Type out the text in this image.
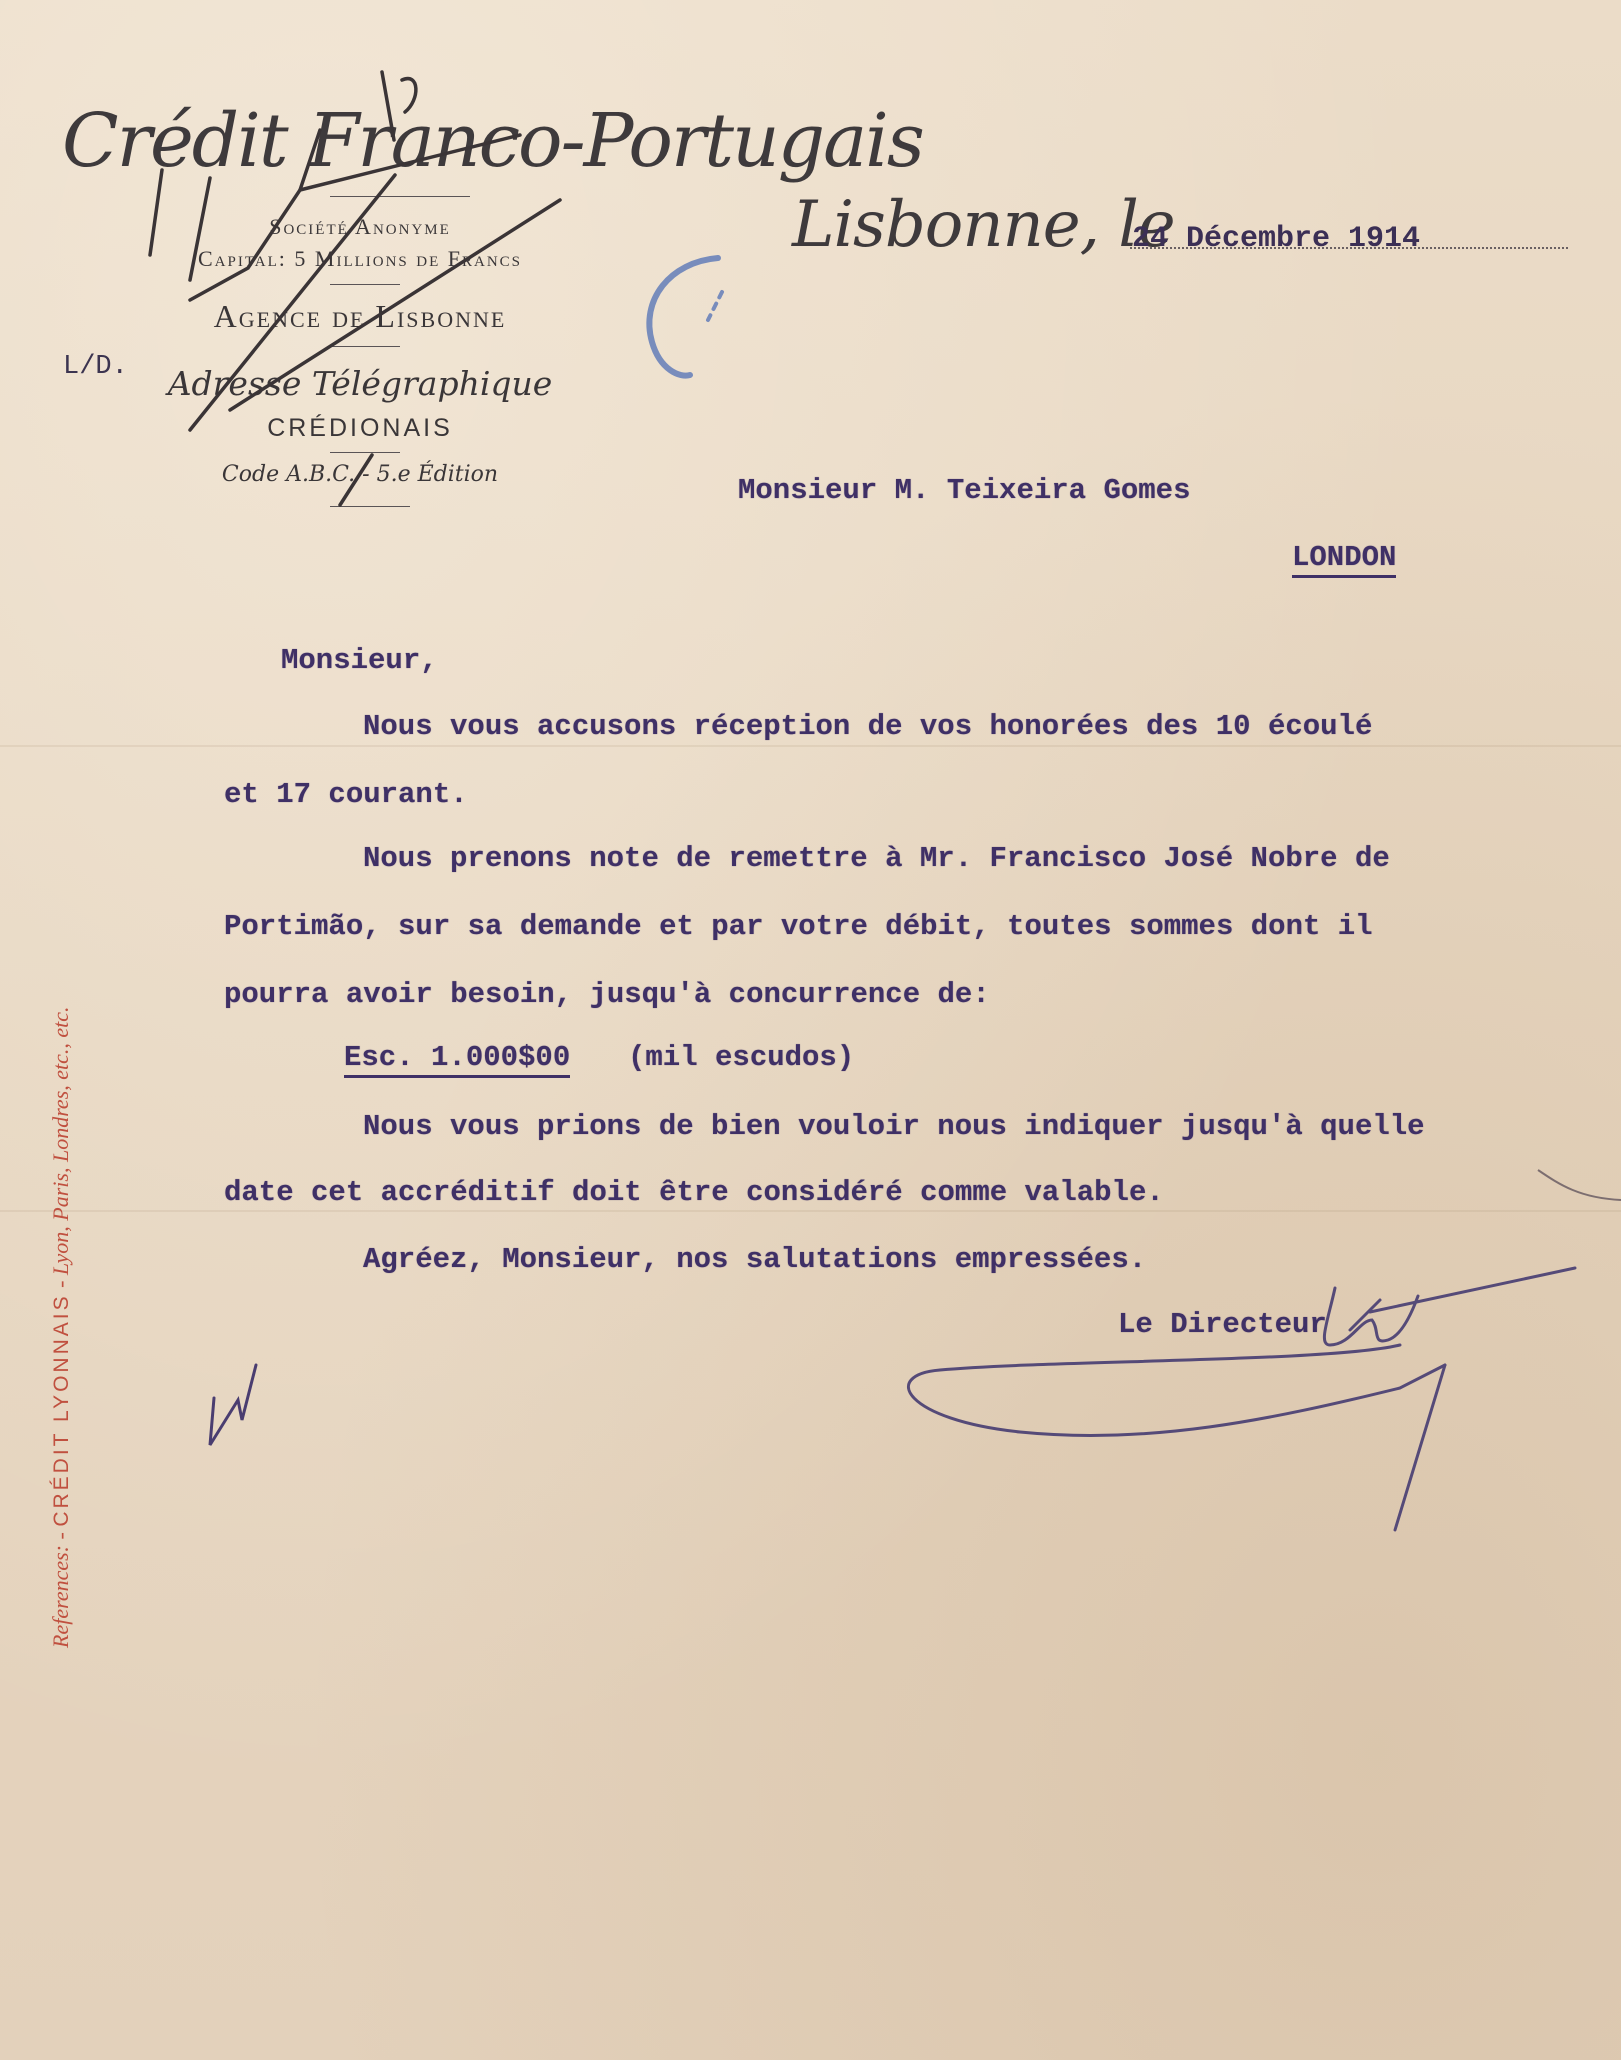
Crédit Franco-Portugais
Société Anonyme
Capital: 5 Millions de Francs
Agence de Lisbonne
Adresse Télégraphique
CRÉDIONAIS
Code A.B.C. - 5.e Édition
L/D.
Lisbonne, le
24 Décembre 1914
Monsieur M. Teixeira Gomes
LONDON
Monsieur,
Nous vous accusons réception de vos honorées des 10 écoulé
et 17 courant.
Nous prenons note de remettre à Mr. Francisco José Nobre de
Portimão, sur sa demande et par votre débit, toutes sommes dont il
pourra avoir besoin, jusqu'à concurrence de:
Esc. 1.000$00 (mil escudos)
Nous vous prions de bien vouloir nous indiquer jusqu'à quelle
date cet accréditif doit être considéré comme valable.
Agréez, Monsieur, nos salutations empressées.
Le Directeur
References: - CRÉDIT LYONNAIS - Lyon, Paris, Londres, etc., etc.
